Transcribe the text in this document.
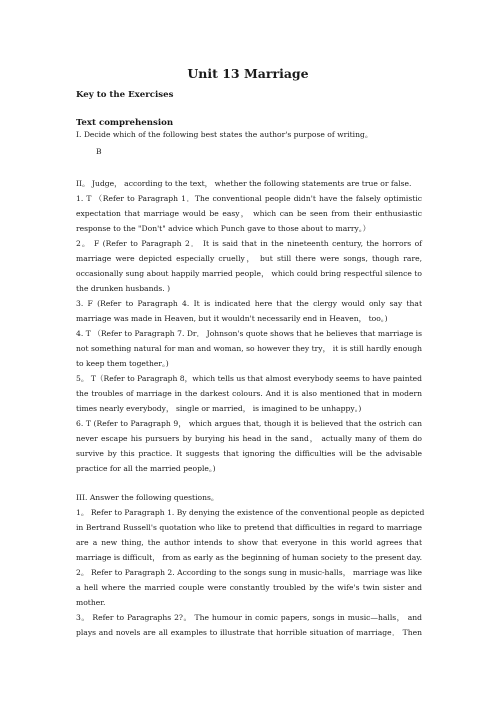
Unit 13 Marriage
Key to the Exercises
Text comprehension
I. Decide which of the following best states the author's purpose of writing。
B
II。 Judge， according to the text， whether the following statements are true or false.
1. T （Refer to Paragraph 1．The conventional people didn't have the falsely optimistic
expectation that marriage would be easy， which can be seen from their enthusiastic
response to the "Don't" advice which Punch gave to those about to marry。）
2。 F (Refer to Paragraph 2． It is said that in the nineteenth century, the horrors of
marriage were depicted especially cruelly， but still there were songs, though rare,
occasionally sung about happily married people， which could bring respectful silence to
the drunken husbands. )
3. F (Refer to Paragraph 4. It is indicated here that the clergy would only say that
marriage was made in Heaven, but it wouldn't necessarily end in Heaven， too。)
4. T （Refer to Paragraph 7. Dr． Johnson's quote shows that he believes that marriage is
not something natural for man and woman, so however they try， it is still hardly enough
to keep them together。)
5。 T（Refer to Paragraph 8，which tells us that almost everybody seems to have painted
the troubles of marriage in the darkest colours. And it is also mentioned that in modern
times nearly everybody， single or married， is imagined to be unhappy。)
6. T (Refer to Paragraph 9， which argues that, though it is believed that the ostrich can
never escape his pursuers by burying his head in the sand， actually many of them do
survive by this practice. It suggests that ignoring the difficulties will be the advisable
practice for all the married people。)
III. Answer the following questions。
1。 Refer to Paragraph 1. By denying the existence of the conventional people as depicted
in Bertrand Russell's quotation who like to pretend that difficulties in regard to marriage
are a new thing, the author intends to show that everyone in this world agrees that
marriage is difficult， from as early as the beginning of human society to the present day.
2。 Refer to Paragraph 2. According to the songs sung in music-halls， marriage was like
a hell where the married couple were constantly troubled by the wife's twin sister and
mother.
3。 Refer to Paragraphs 2?。 The humour in comic papers, songs in music—halls， and
plays and novels are all examples to illustrate that horrible situation of marriage． Then
